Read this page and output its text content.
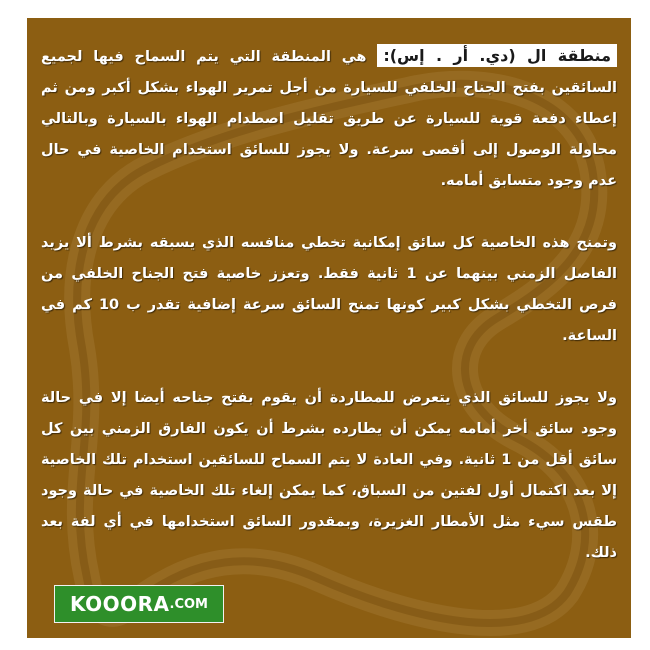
منطقة ال (دي. أر . إس): هي المنطقة التي يتم السماح فيها لجميع السائقين بفتح الجناح الخلفي للسيارة من أجل تمرير الهواء بشكل أكبر ومن ثم إعطاء دفعة قوية للسيارة عن طريق تقليل اصطدام الهواء بالسيارة وبالتالي محاولة الوصول إلى أقصى سرعة. ولا يجوز للسائق استخدام الخاصية في حال عدم وجود متسابق أمامه.

وتمنح هذه الخاصية كل سائق إمكانية تخطي منافسه الذي يسبقه بشرط ألا يزيد الفاصل الزمني بينهما عن 1 ثانية فقط. وتعزز خاصية فتح الجناح الخلفي من فرص التخطي بشكل كبير كونها تمنح السائق سرعة إضافية تقدر ب 10 كم في الساعة.

ولا يجوز للسائق الذي يتعرض للمطاردة أن يقوم بفتح جناحه أيضا إلا في حالة وجود سائق أخر أمامه يمكن أن يطارده بشرط أن يكون الفارق الزمني بين كل سائق أقل من 1 ثانية. وفي العادة لا يتم السماح للسائقين استخدام تلك الخاصية إلا بعد اكتمال أول لفتين من السباق، كما يمكن إلغاء تلك الخاصية في حالة وجود طقس سيء مثل الأمطار الغزيرة، وبمقدور السائق استخدامها في أي لفة بعد ذلك.

KOOORA .COM
